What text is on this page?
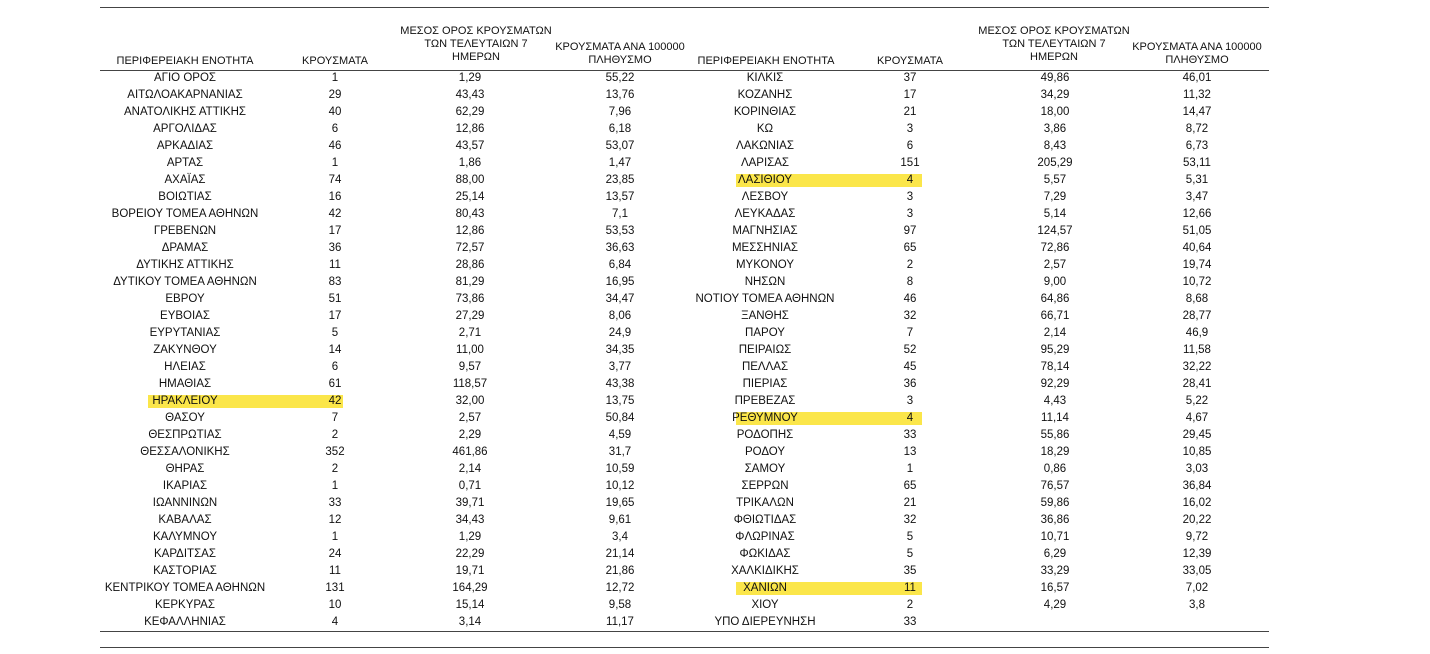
ΠΕΡΙΦΕΡΕΙΑΚΗ ΕΝΟΤΗΤΑ	ΚΡΟΥΣΜΑΤΑ
ΜΕΣΟΣ ΟΡΟΣ ΚΡΟΥΣΜΑΤΩΝ
ΤΩΝ ΤΕΛΕΥΤΑΙΩΝ 7
ΗΜΕΡΩΝ
ΚΡΟΥΣΜΑΤΑ ΑΝΑ 100000
ΠΛΗΘΥΣΜΟ	ΠΕΡΙΦΕΡΕΙΑΚΗ ΕΝΟΤΗΤΑ	ΚΡΟΥΣΜΑΤΑ
ΜΕΣΟΣ ΟΡΟΣ ΚΡΟΥΣΜΑΤΩΝ
ΤΩΝ ΤΕΛΕΥΤΑΙΩΝ 7
ΗΜΕΡΩΝ
ΚΡΟΥΣΜΑΤΑ ΑΝΑ 100000
ΠΛΗΘΥΣΜΟ
ΑΓΙΟ ΟΡΟΣ	1	1,29	55,22
ΑΙΤΩΛΟΑΚΑΡΝΑΝΙΑΣ	29	43,43	13,76
ΑΝΑΤΟΛΙΚΗΣ ΑΤΤΙΚΗΣ	40	62,29	7,96
ΑΡΓΟΛΙΔΑΣ	6	12,86	6,18
ΑΡΚΑΔΙΑΣ	46	43,57	53,07
ΑΡΤΑΣ	1	1,86	1,47
ΑΧΑΪΑΣ	74	88,00	23,85
ΒΟΙΩΤΙΑΣ	16	25,14	13,57
ΒΟΡΕΙΟΥ ΤΟΜΕΑ ΑΘΗΝΩΝ	42	80,43	7,1
ΓΡΕΒΕΝΩΝ	17	12,86	53,53
ΔΡΑΜΑΣ	36	72,57	36,63
ΔΥΤΙΚΗΣ ΑΤΤΙΚΗΣ	11	28,86	6,84
ΔΥΤΙΚΟΥ ΤΟΜΕΑ ΑΘΗΝΩΝ	83	81,29	16,95
ΕΒΡΟΥ	51	73,86	34,47
ΕΥΒΟΙΑΣ	17	27,29	8,06
ΕΥΡΥΤΑΝΙΑΣ	5	2,71	24,9
ΖΑΚΥΝΘΟΥ	14	11,00	34,35
ΗΛΕΙΑΣ	6	9,57	3,77
ΗΜΑΘΙΑΣ	61	118,57	43,38
ΗΡΑΚΛΕΙΟΥ	42	32,00	13,75
ΘΑΣΟΥ	7	2,57	50,84
ΘΕΣΠΡΩΤΙΑΣ	2	2,29	4,59
ΘΕΣΣΑΛΟΝΙΚΗΣ	352	461,86	31,7
ΘΗΡΑΣ	2	2,14	10,59
ΙΚΑΡΙΑΣ	1	0,71	10,12
ΙΩΑΝΝΙΝΩΝ	33	39,71	19,65
ΚΑΒΑΛΑΣ	12	34,43	9,61
ΚΑΛΥΜΝΟΥ	1	1,29	3,4
ΚΑΡΔΙΤΣΑΣ	24	22,29	21,14
ΚΑΣΤΟΡΙΑΣ	11	19,71	21,86
ΚΕΝΤΡΙΚΟΥ ΤΟΜΕΑ ΑΘΗΝΩΝ	131	164,29	12,72
ΚΕΡΚΥΡΑΣ	10	15,14	9,58
ΚΕΦΑΛΛΗΝΙΑΣ	4	3,14	11,17
ΚΙΛΚΙΣ	37	49,86	46,01
ΚΟΖΑΝΗΣ	17	34,29	11,32
ΚΟΡΙΝΘΙΑΣ	21	18,00	14,47
ΚΩ	3	3,86	8,72
ΛΑΚΩΝΙΑΣ	6	8,43	6,73
ΛΑΡΙΣΑΣ	151	205,29	53,11
ΛΑΣΙΘΙΟΥ	4	5,57	5,31
ΛΕΣΒΟΥ	3	7,29	3,47
ΛΕΥΚΑΔΑΣ	3	5,14	12,66
ΜΑΓΝΗΣΙΑΣ	97	124,57	51,05
ΜΕΣΣΗΝΙΑΣ	65	72,86	40,64
ΜΥΚΟΝΟΥ	2	2,57	19,74
ΝΗΣΩΝ	8	9,00	10,72
ΝΟΤΙΟΥ ΤΟΜΕΑ ΑΘΗΝΩΝ	46	64,86	8,68
ΞΑΝΘΗΣ	32	66,71	28,77
ΠΑΡΟΥ	7	2,14	46,9
ΠΕΙΡΑΙΩΣ	52	95,29	11,58
ΠΕΛΛΑΣ	45	78,14	32,22
ΠΙΕΡΙΑΣ	36	92,29	28,41
ΠΡΕΒΕΖΑΣ	3	4,43	5,22
ΡΕΘΥΜΝΟΥ	4	11,14	4,67
ΡΟΔΟΠΗΣ	33	55,86	29,45
ΡΟΔΟΥ	13	18,29	10,85
ΣΑΜΟΥ	1	0,86	3,03
ΣΕΡΡΩΝ	65	76,57	36,84
ΤΡΙΚΑΛΩΝ	21	59,86	16,02
ΦΘΙΩΤΙΔΑΣ	32	36,86	20,22
ΦΛΩΡΙΝΑΣ	5	10,71	9,72
ΦΩΚΙΔΑΣ	5	6,29	12,39
ΧΑΛΚΙΔΙΚΗΣ	35	33,29	33,05
ΧΑΝΙΩΝ	11	16,57	7,02
ΧΙΟΥ	2	4,29	3,8
ΥΠΟ ΔΙΕΡΕΥΝΗΣΗ	33
